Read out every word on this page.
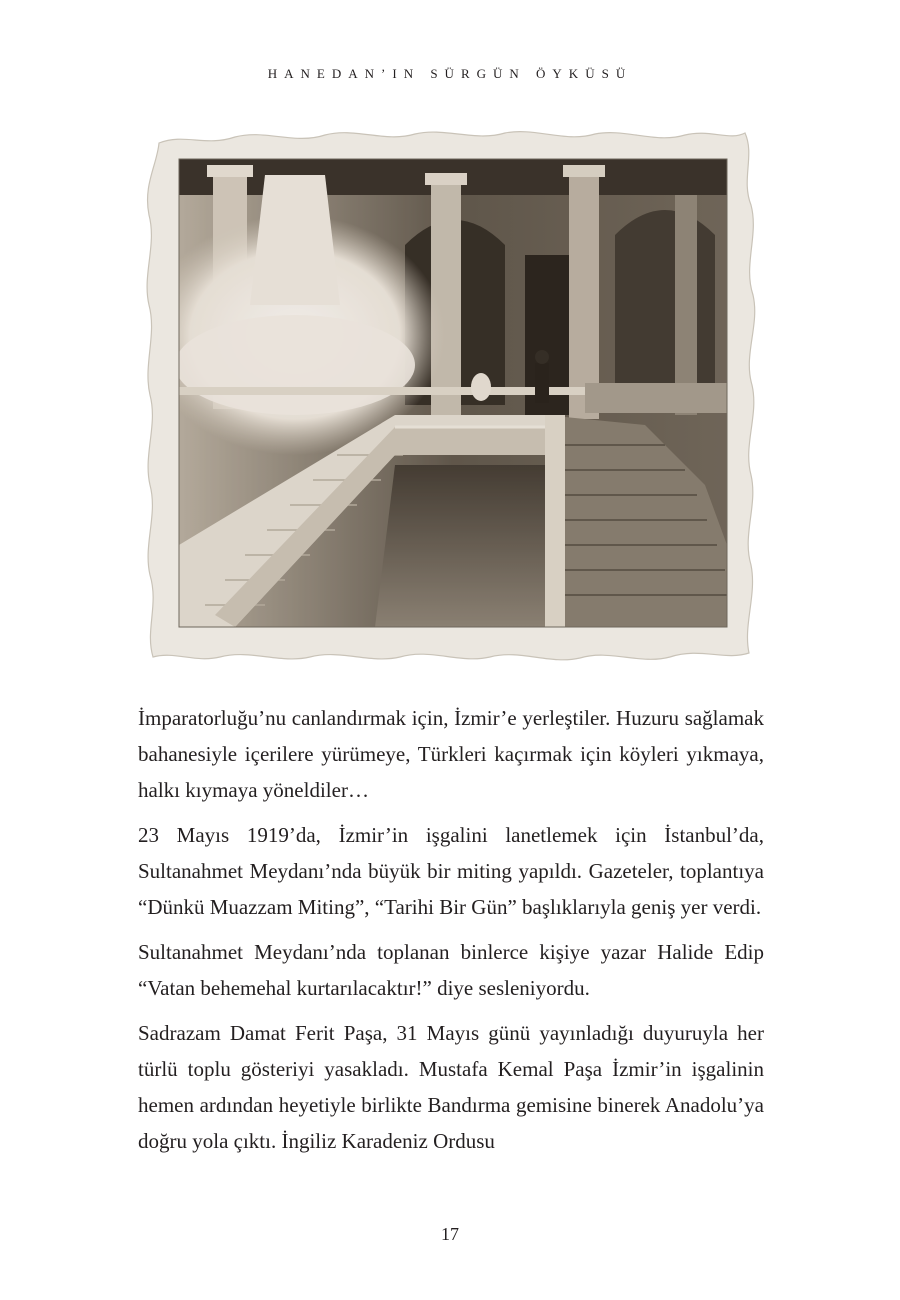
HANEDAN’IN SÜRGÜN ÖYKÜSÜ

İmparatorluğu’nu canlandırmak için, İzmir’e yerleştiler. Huzuru sağlamak bahanesiyle içerilere yürümeye, Türkleri kaçırmak için köyleri yıkmaya, halkı kıymaya yöneldiler…

23 Mayıs 1919’da, İzmir’in işgalini lanetlemek için İstanbul’da, Sultanahmet Meydanı’nda büyük bir miting yapıldı. Gazeteler, toplantıya “Dünkü Muazzam Miting”, “Tarihi Bir Gün” başlıklarıyla geniş yer verdi.

Sultanahmet Meydanı’nda toplanan binlerce kişiye yazar Halide Edip “Vatan behemehal kurtarılacaktır!” diye sesleniyordu.

Sadrazam Damat Ferit Paşa, 31 Mayıs günü yayınladığı duyuruyla her türlü toplu gösteriyi yasakladı. Mustafa Kemal Paşa İzmir’in işgalinin hemen ardından heyetiyle birlikte Bandırma gemisine binerek Anadolu’ya doğru yola çıktı. İngiliz Karadeniz Ordusu

17
